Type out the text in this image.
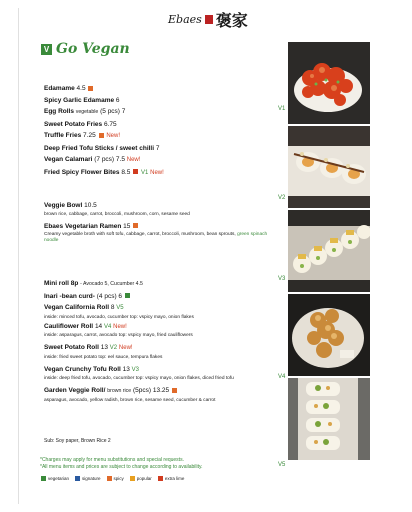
Ebaes 褒家
V Go Vegan
Edamame 4.5
Spicy Garlic Edamame 6
Egg Rolls vegetable (5 pcs) 7
Sweet Potato Fries 6.75
Truffle Fries 7.25 New!
Deep Fried Tofu Sticks / sweet chilli 7
Vegan Calamari (7 pcs) 7.5 New!
Fried Spicy Flower Bites 8.5 V1 New!
Veggie Bowl 10.5
brown rice, cabbage, carrot, broccoli, mushroom, corn, sesame seed
Ebaes Vegetarian Ramen 15
Creamy vegetable broth with soft tofu, cabbage, carrot, broccoli, mushroom, bean sprouts, green spinach noodle
Mini roll 8p - Avocado 5, Cucumber 4.5
Inari -bean curd- (4 pcs) 6
Vegan California Roll 8 V5
inside: minced tofu, avocado, cucumber top: vspicy mayo, onion flakes
Cauliflower Roll 14 V4 New!
inside: asparagus, carrot, avocado top: vspicy mayo, fried cauliflowers
Sweet Potato Roll 13 V2 New!
inside: fried sweet potato top: eel sauce, tempura flakes
Vegan Crunchy Tofu Roll 13 V3
inside: deep fried tofu, avocado, cucumber top: vspicy mayo, onion flakes, diced fried tofu
Garden Veggie Roll/ brown rice (5pcs) 13.25
asparagus, avocado, yellow radish, brown rice, sesame seed, cucumber & carrot
Sub: Soy paper, Brown Rice 2
*Charges may apply for menu substitutions and special requests.
*All menu items and prices are subject to change according to availability.
vegetarian	signature	spicy	popular	extra lime
V1
V2
V3
V4
V5
